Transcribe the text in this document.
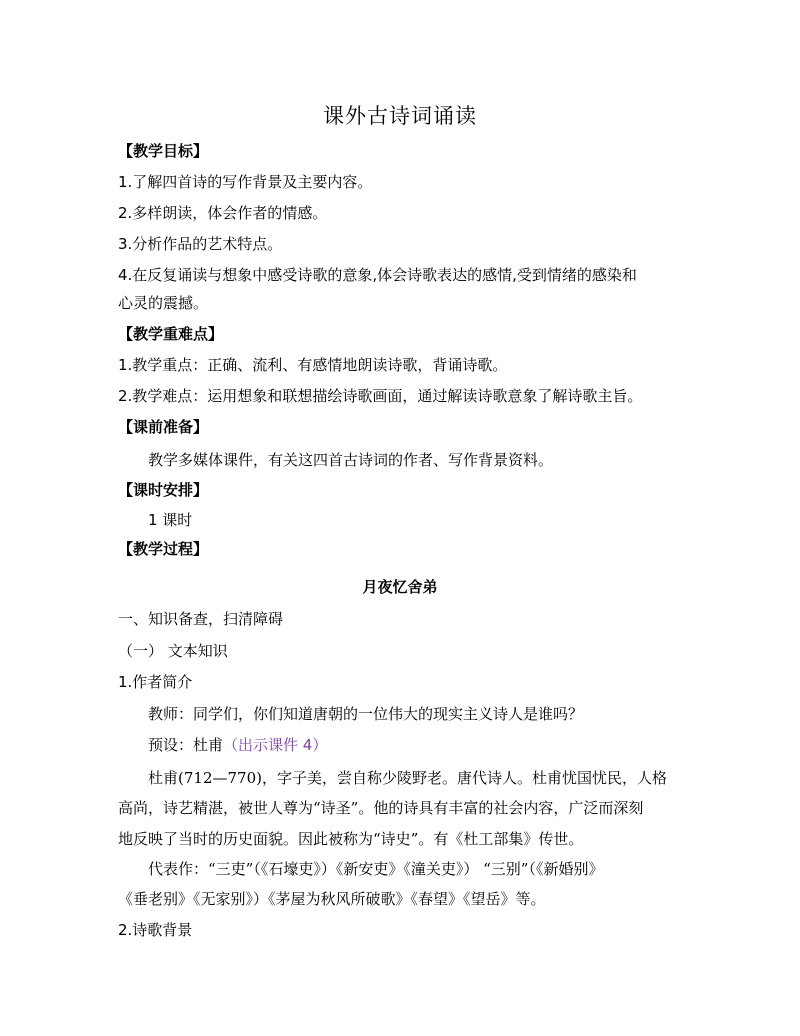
课外古诗词诵读
【教学目标】
1.了解四首诗的写作背景及主要内容。
2.多样朗读，体会作者的情感。
3.分析作品的艺术特点。
4.在反复诵读与想象中感受诗歌的意象,体会诗歌表达的感情,受到情绪的感染和
心灵的震撼。
【教学重难点】
1.教学重点：正确、流利、有感情地朗读诗歌，背诵诗歌。
2.教学难点：运用想象和联想描绘诗歌画面，通过解读诗歌意象了解诗歌主旨。
【课前准备】
教学多媒体课件，有关这四首古诗词的作者、写作背景资料。
【课时安排】
1 课时
【教学过程】
月夜忆舍弟
一、知识备查，扫清障碍
（一） 文本知识
1.作者简介
教师：同学们，你们知道唐朝的一位伟大的现实主义诗人是谁吗？
预设：杜甫（出示课件 4）
杜甫(712—770)，字子美，尝自称少陵野老。唐代诗人。杜甫忧国忧民，人格
高尚，诗艺精湛，被世人尊为“诗圣”。他的诗具有丰富的社会内容，广泛而深刻
地反映了当时的历史面貌。因此被称为“诗史”。有《杜工部集》传世。
代表作：“三吏”（《石壕吏》）《新安吏》《潼关吏》） “三别”（《新婚别》
《垂老别》《无家别》）《茅屋为秋风所破歌》《春望》《望岳》等。
2.诗歌背景
